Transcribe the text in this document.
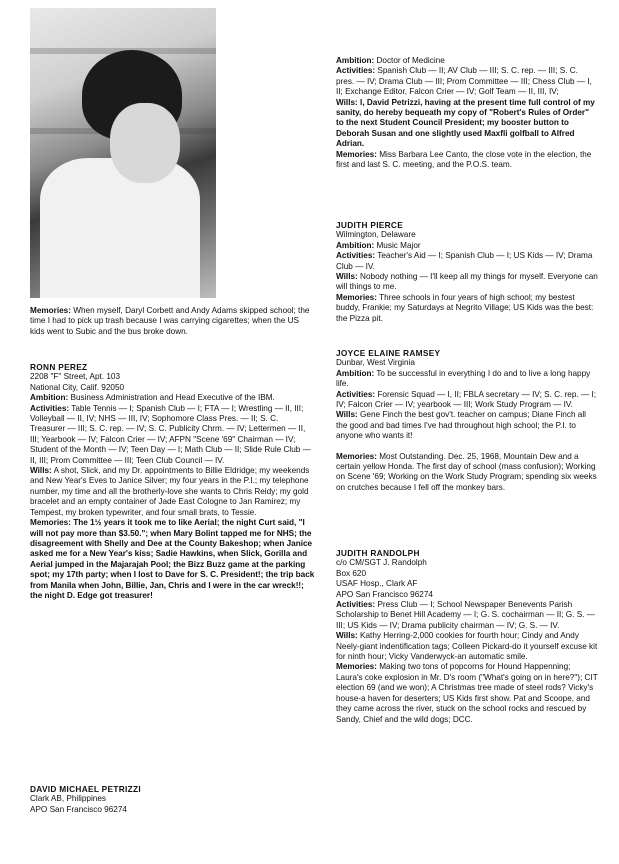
Memories: When myself, Daryl Corbett and Andy Adams skipped school; the time I had to pick up trash because I was carrying cigarettes; when the US kids went to Subic and the bus broke down.

RONN PEREZ

2208 "F" Street, Apt. 103

National City, Calif. 92050

Ambition: Business Administration and Head Executive of the IBM.

Activities: Table Tennis — I; Spanish Club — I; FTA — I; Wrestling — II, III; Volleyball — II, IV; NHS — III, IV; Sophomore Class Pres. — II; S. C. Treasurer — III; S. C. rep. — IV; S. C. Publicity Chrm. — IV; Lettermen — II, III; Yearbook — IV; Falcon Crier — IV; AFPN "Scene '69" Chairman — IV; Student of the Month — IV; Teen Day — I; Math Club — II; Slide Rule Club — II, III; Prom Committee — III; Teen Club Council — IV.

Wills: A shot, Slick, and my Dr. appointments to Billie Eldridge; my weekends and New Year's Eves to Janice Silver; my four years in the P.I.; my telephone number, my time and all the brotherly-love she wants to Chris Reidy; my gold bracelet and an empty container of Jade East Cologne to Jan Ramirez; my Tempest, my broken typewriter, and four small brats, to Tessie.

Memories: The 1½ years it took me to like Aerial; the night Curt said, "I will not pay more than $3.50."; when Mary Bolint tapped me for NHS; the disagreement with Shelly and Dee at the County Bakeshop; when Janice asked me for a New Year's kiss; Sadie Hawkins, when Slick, Gorilla and Aerial jumped in the Majarajah Pool; the Bizz Buzz game at the parking spot; my 17th party; when I lost to Dave for S. C. President!; the trip back from Manila when John, Billie, Jan, Chris and I were in the car wreck!!; the night D. Edge got treasurer!

DAVID MICHAEL PETRIZZI

Clark AB, Philippines

APO San Francisco 96274

Ambition: Doctor of Medicine

Activities: Spanish Club — II; AV Club — III; S. C. rep. — III; S. C. pres. — IV; Drama Club — III; Prom Committee — III; Chess Club — I, II; Exchange Editor, Falcon Crier — IV; Golf Team — II, III, IV;

Wills: I, David Petrizzi, having at the present time full control of my sanity, do hereby bequeath my copy of "Robert's Rules of Order" to the next Student Council President; my booster button to Deborah Susan and one slightly used Maxfli golfball to Alfred Adrian.

Memories: Miss Barbara Lee Canto, the close vote in the election, the first and last S. C. meeting, and the P.O.S. team.

JUDITH PIERCE

Wilmington, Delaware

Ambition: Music Major

Activities: Teacher's Aid — I; Spanish Club — I; US Kids — IV; Drama Club — IV.

Wills: Nobody nothing — I'll keep all my things for myself. Everyone can will things to me.

Memories: Three schools in four years of high school; my bestest buddy, Frankie; my Saturdays at Negrito Village; US Kids was the best: the Pizza pit.

JOYCE ELAINE RAMSEY

Dunbar, West Virginia

Ambition: To be successful in everything I do and to live a long happy life.

Activities: Forensic Squad — I, II; FBLA secretary — IV; S. C. rep. — I; IV; Falcon Crier — IV; yearbook — III; Work Study Program — IV.

Wills: Gene Finch the best gov't. teacher on campus; Diane Finch all the good and bad times I've had throughout high school; the P.I. to anyone who wants it!

Memories: Most Outstanding. Dec. 25, 1968, Mountain Dew and a certain yellow Honda. The first day of school (mass confusion); Working on Scene '69; Working on the Work Study Program; spending six weeks on crutches because I fell off the monkey bars.

JUDITH RANDOLPH

c/o CM/SGT J. Randolph

Box 620

USAF Hosp., Clark AF

APO San Francisco 96274

Activities: Press Club — I; School Newspaper Benevents Parish Scholarship to Benet Hill Academy — I; G. S. cochairman — II; G. S. — III; US Kids — IV; Drama publicity chairman — IV; G. S. — IV.

Wills: Kathy Herring-2,000 cookies for fourth hour; Cindy and Andy Neely-giant indentification tags; Colleen Pickard-do it yourself excuse kit for ninth hour; Vicky Vanderwyck-an automatic smile.

Memories: Making two tons of popcorns for Hound Happenning; Laura's coke explosion in Mr. D's room ("What's going on in here?"); CIT election 69 (and we won); A Christmas tree made of steel rods? Vicky's house-a haven for deserters; US Kids first show. Pat and Scoope, and they came across the river, stuck on the school rocks and rescued by Sandy, Chief and the wild dogs; DCC.
